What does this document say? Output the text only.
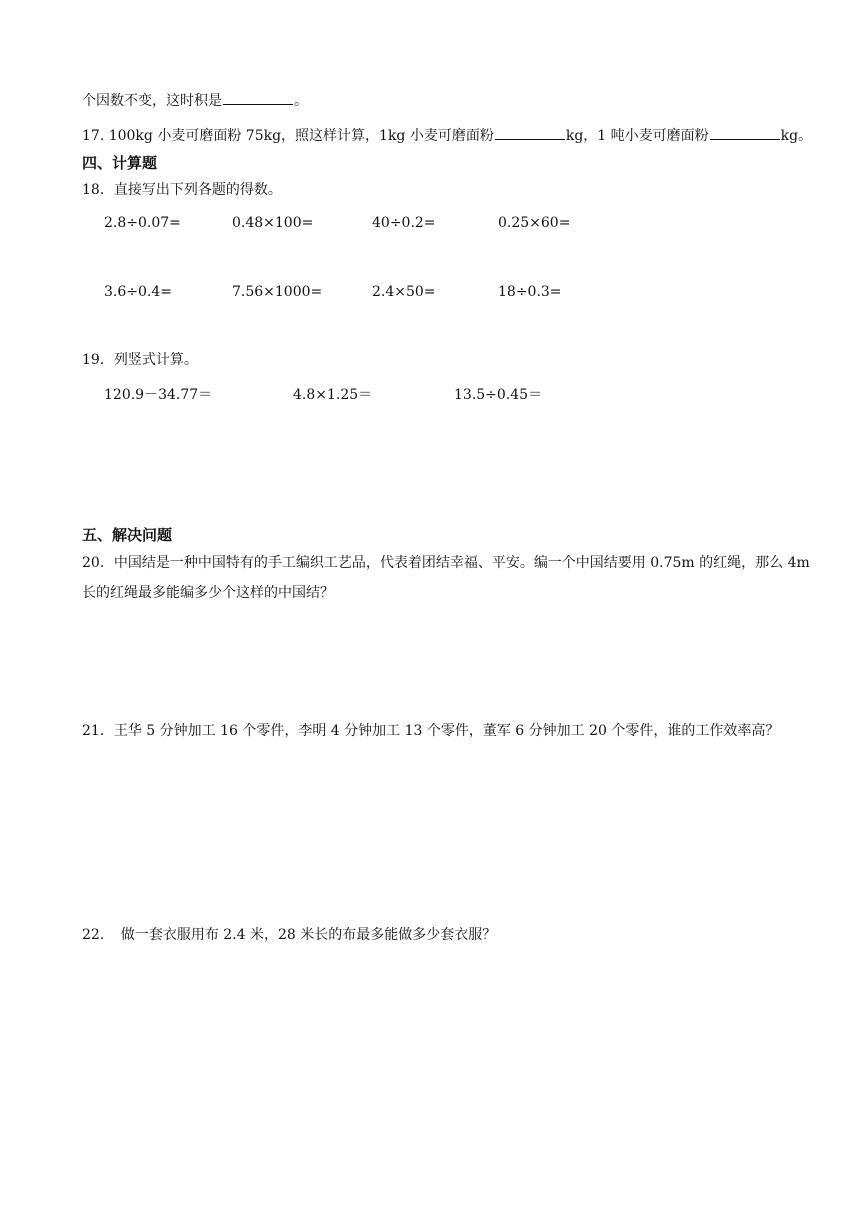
个因数不变，这时积是	。
17. 100kg 小麦可磨面粉 75kg，照这样计算，1kg 小麦可磨面粉	kg，1 吨小麦可磨面粉	kg。
四、计算题
18．直接写出下列各题的得数。
2.8÷0.07=	0.48×100=	40÷0.2=	0.25×60=
3.6÷0.4=	7.56×1000=	2.4×50=	18÷0.3=
19．列竖式计算。
120.9－34.77＝	4.8×1.25＝	13.5÷0.45＝
五、解决问题
20．中国结是一种中国特有的手工编织工艺品，代表着团结幸福、平安。编一个中国结要用 0.75m 的红绳，那么 4m 长的红绳最多能编多少个这样的中国结？
21．王华 5 分钟加工 16 个零件，李明 4 分钟加工 13 个零件，董军 6 分钟加工 20 个零件，谁的工作效率高？
22．　做一套衣服用布 2.4 米，28 米长的布最多能做多少套衣服？
